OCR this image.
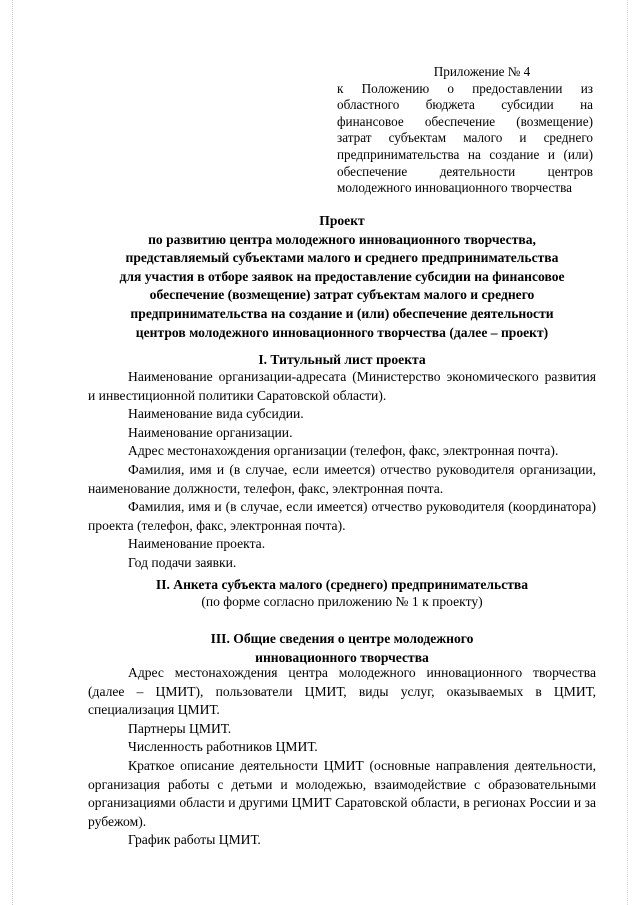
Приложение № 4
к Положению о предоставлении из областного бюджета субсидии на финансовое обеспечение (возмещение) затрат субъектам малого и среднего предпринимательства на создание и (или) обеспечение деятельности центров молодежного инновационного творчества
Проект
по развитию центра молодежного инновационного творчества,
представляемый субъектами малого и среднего предпринимательства
для участия в отборе заявок на предоставление субсидии на финансовое
обеспечение (возмещение) затрат субъектам малого и среднего
предпринимательства на создание и (или) обеспечение деятельности
центров молодежного инновационного творчества (далее – проект)
I. Титульный лист проекта

Наименование организации-адресата (Министерство экономического развития и инвестиционной политики Саратовской области).

Наименование вида субсидии.

Наименование организации.

Адрес местонахождения организации (телефон, факс, электронная почта).

Фамилия, имя и (в случае, если имеется) отчество руководителя организации, наименование должности, телефон, факс, электронная почта.

Фамилия, имя и (в случае, если имеется) отчество руководителя (координатора) проекта (телефон, факс, электронная почта).

Наименование проекта.

Год подачи заявки.

II. Анкета субъекта малого (среднего) предпринимательства
(по форме согласно приложению № 1 к проекту)
III. Общие сведения о центре молодежного
инновационного творчества

Адрес местонахождения центра молодежного инновационного творчества (далее – ЦМИТ), пользователи ЦМИТ, виды услуг, оказываемых в ЦМИТ, специализация ЦМИТ.

Партнеры ЦМИТ.

Численность работников ЦМИТ.

Краткое описание деятельности ЦМИТ (основные направления деятельности, организация работы с детьми и молодежью, взаимодействие с образовательными организациями области и другими ЦМИТ Саратовской области, в регионах России и за рубежом).

График работы ЦМИТ.
